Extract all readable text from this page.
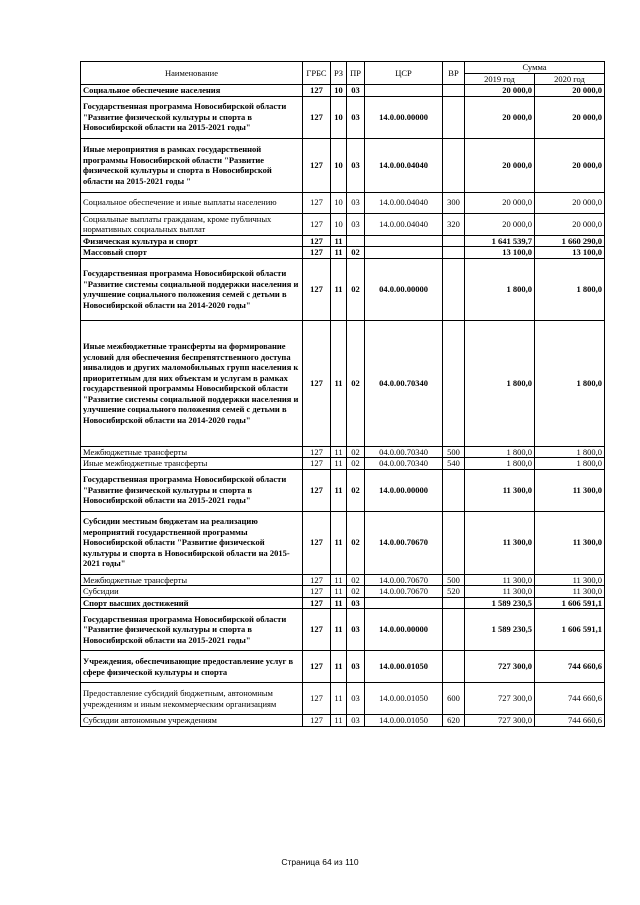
Наименование	ГРБС	РЗ	ПР	ЦСР	ВР	Сумма	
						2019 год	2020 год
Социальное обеспечение населения	127	10	03			20 000,0	20 000,0
Государственная программа Новосибирской области "Развитие физической культуры и спорта в Новосибирской области на 2015-2021 годы"	127	10	03	14.0.00.00000		20 000,0	20 000,0
Иные мероприятия в рамках государственной программы Новосибирской области "Развитие физической культуры и спорта в Новосибирской области на 2015-2021 годы "	127	10	03	14.0.00.04040		20 000,0	20 000,0
Социальное обеспечение и иные выплаты населению	127	10	03	14.0.00.04040	300	20 000,0	20 000,0
Социальные выплаты гражданам, кроме публичных нормативных социальных выплат	127	10	03	14.0.00.04040	320	20 000,0	20 000,0
Физическая культура и спорт	127	11				1 641 539,7	1 660 290,0
Массовый спорт	127	11	02			13 100,0	13 100,0
Государственная программа Новосибирской области "Развитие системы социальной поддержки населения и улучшение социального положения семей с детьми в Новосибирской области на 2014-2020 годы"	127	11	02	04.0.00.00000		1 800,0	1 800,0
Иные межбюджетные трансферты на формирование условий для обеспечения беспрепятственного доступа инвалидов и других маломобильных групп населения к приоритетным для них объектам и услугам в рамках государственной программы Новосибирской области "Развитие системы социальной поддержки населения и улучшение социального положения семей с детьми в Новосибирской области на 2014-2020 годы"	127	11	02	04.0.00.70340		1 800,0	1 800,0
Межбюджетные трансферты	127	11	02	04.0.00.70340	500	1 800,0	1 800,0
Иные межбюджетные трансферты	127	11	02	04.0.00.70340	540	1 800,0	1 800,0
Государственная программа Новосибирской области "Развитие физической культуры и спорта в Новосибирской области на 2015-2021 годы"	127	11	02	14.0.00.00000		11 300,0	11 300,0
Субсидии местным бюджетам на реализацию мероприятий государственной программы Новосибирской области "Развитие физической культуры и спорта в Новосибирской области на 2015-2021 годы"	127	11	02	14.0.00.70670		11 300,0	11 300,0
Межбюджетные трансферты	127	11	02	14.0.00.70670	500	11 300,0	11 300,0
Субсидии	127	11	02	14.0.00.70670	520	11 300,0	11 300,0
Спорт высших достижений	127	11	03			1 589 230,5	1 606 591,1
Государственная программа Новосибирской области "Развитие физической культуры и спорта в Новосибирской области на 2015-2021 годы"	127	11	03	14.0.00.00000		1 589 230,5	1 606 591,1
Учреждения, обеспечивающие предоставление услуг в сфере физической культуры и спорта	127	11	03	14.0.00.01050		727 300,0	744 660,6
Предоставление субсидий бюджетным, автономным учреждениям и иным некоммерческим организациям	127	11	03	14.0.00.01050	600	727 300,0	744 660,6
Субсидии автономным учреждениям	127	11	03	14.0.00.01050	620	727 300,0	744 660,6
Страница 64 из 110
